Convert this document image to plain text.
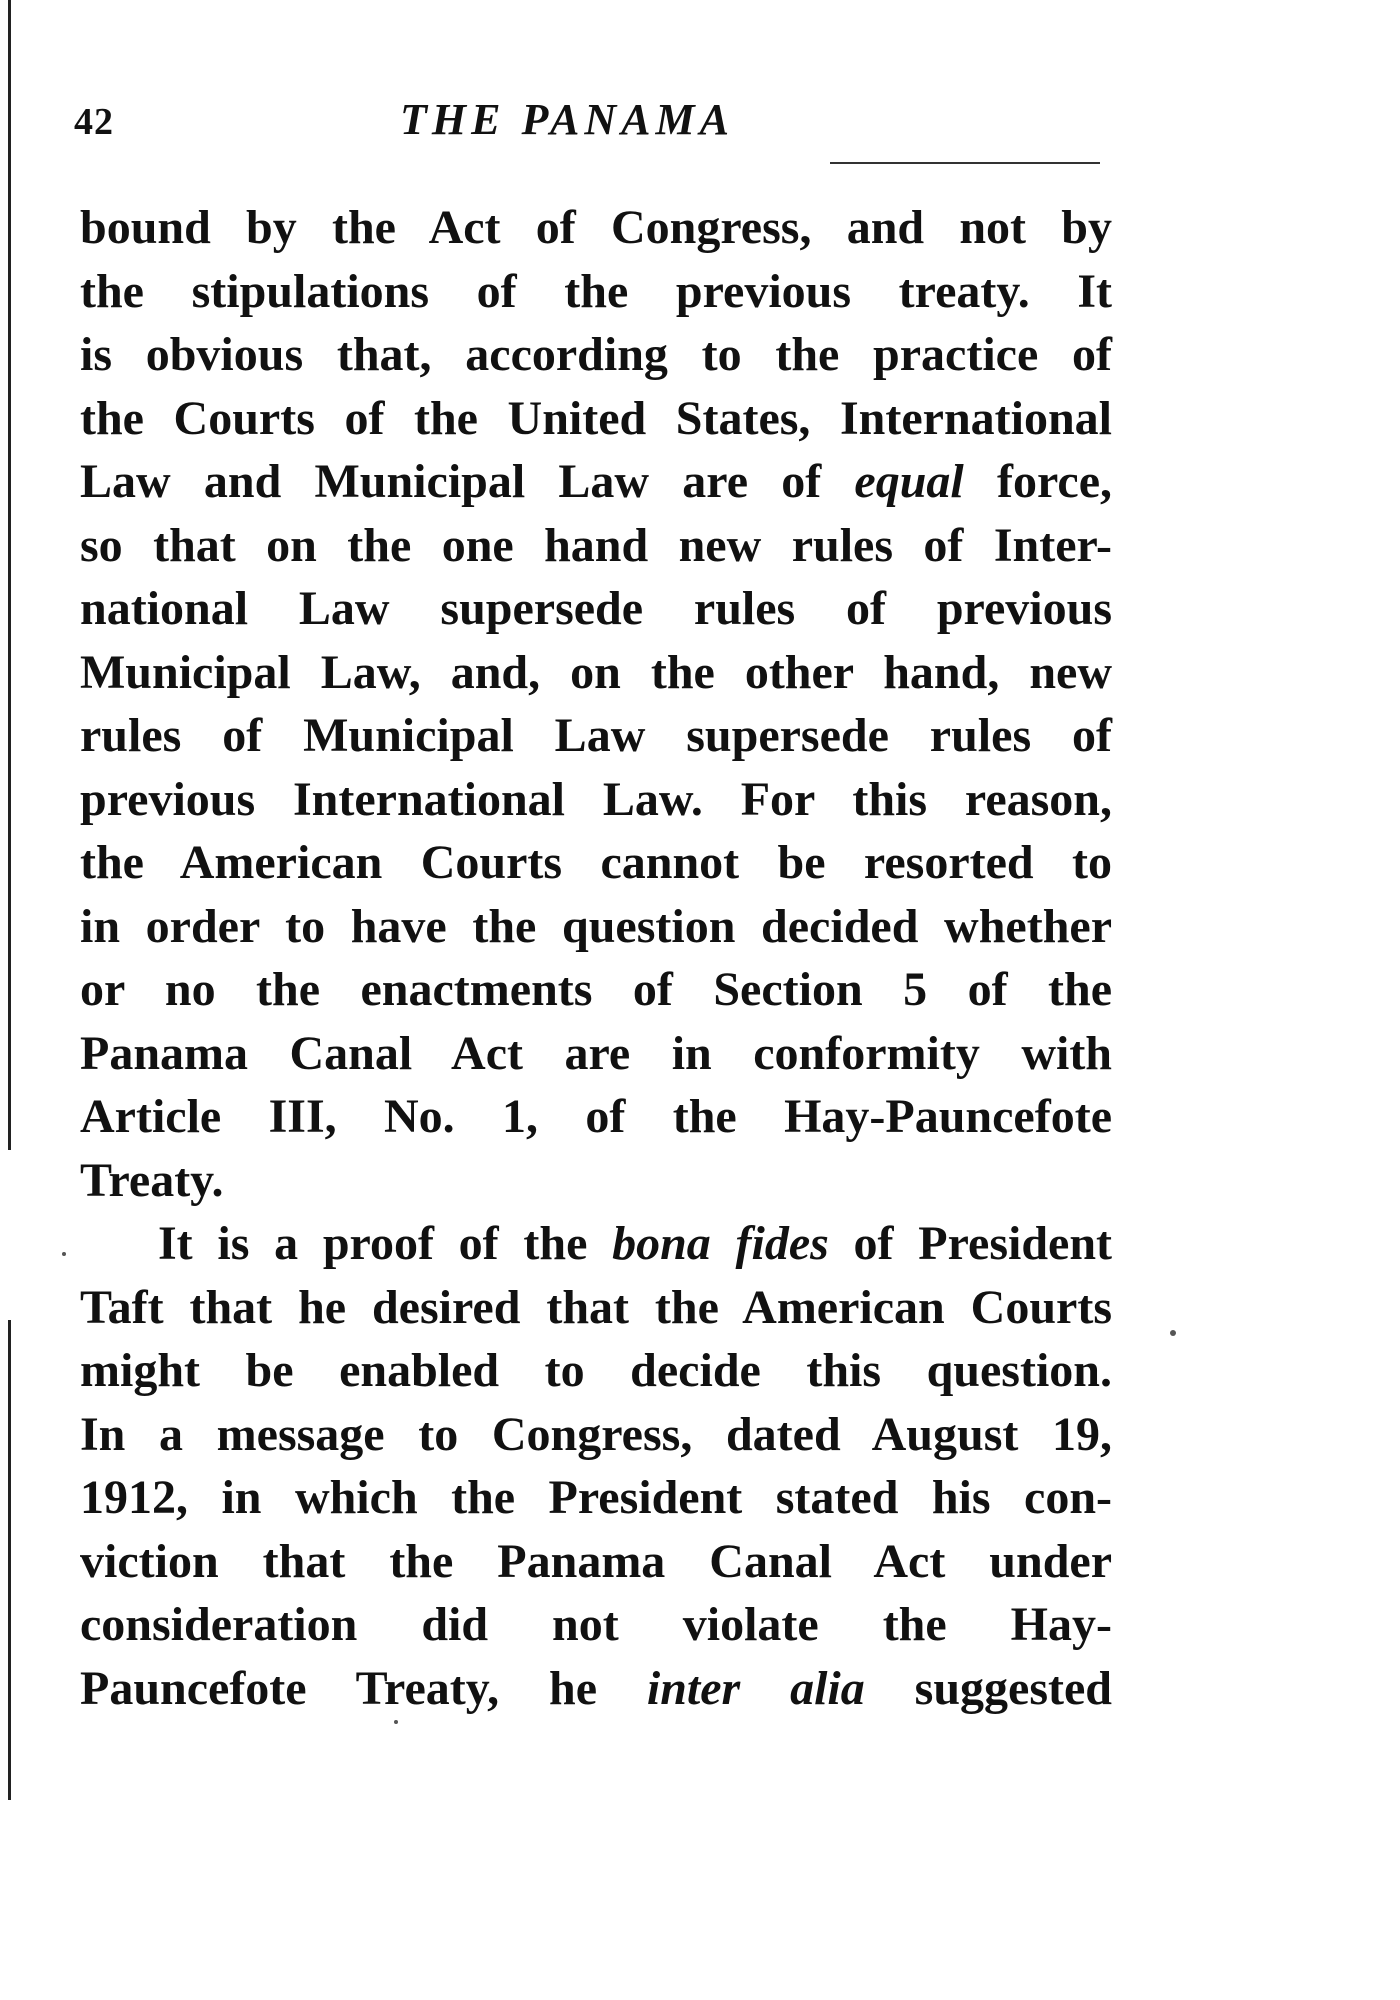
42	THE PANAMA
bound by the Act of Congress, and not by
the stipulations of the previous treaty. It
is obvious that, according to the practice of
the Courts of the United States, International
Law and Municipal Law are of equal force,
so that on the one hand new rules of Inter-
national Law supersede rules of previous
Municipal Law, and, on the other hand, new
rules of Municipal Law supersede rules of
previous International Law. For this reason,
the American Courts cannot be resorted to
in order to have the question decided whether
or no the enactments of Section 5 of the
Panama Canal Act are in conformity with
Article III, No. 1, of the Hay-Pauncefote
Treaty.
It is a proof of the bona fides of President
Taft that he desired that the American Courts
might be enabled to decide this question.
In a message to Congress, dated August 19,
1912, in which the President stated his con-
viction that the Panama Canal Act under
consideration did not violate the Hay-
Pauncefote Treaty, he inter alia suggested
